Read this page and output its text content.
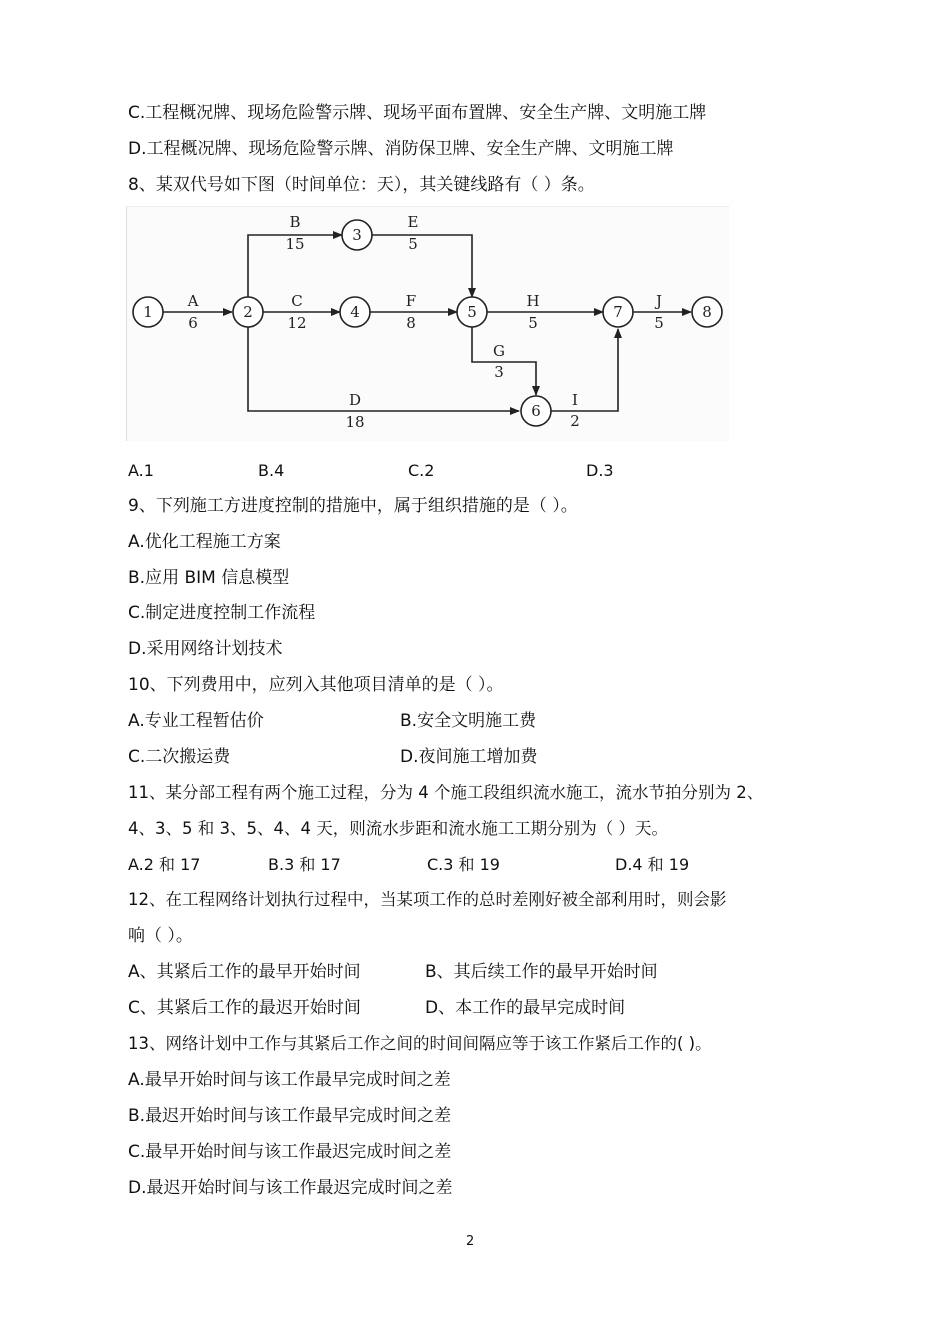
C.工程概况牌、现场危险警示牌、现场平面布置牌、安全生产牌、文明施工牌
D.工程概况牌、现场危险警示牌、消防保卫牌、安全生产牌、文明施工牌
8、某双代号如下图（时间单位：天），其关键线路有（ ）条。
1	2
3
4	5
6
7	8
A
6
B
15
C
12
D
18
E
5
F
8
G
3
H
5
I
2
J
5
A.1	B.4	C.2	D.3
9、下列施工方进度控制的措施中，属于组织措施的是（ ）。
A.优化工程施工方案
B.应用 BIM 信息模型
C.制定进度控制工作流程
D.采用网络计划技术
10、下列费用中，应列入其他项目清单的是（ ）。
A.专业工程暂估价	B.安全文明施工费
C.二次搬运费	D.夜间施工增加费
11、某分部工程有两个施工过程，分为 4 个施工段组织流水施工，流水节拍分别为 2、
4、3、5 和 3、5、4、4 天，则流水步距和流水施工工期分别为（ ）天。
A.2 和 17	B.3 和 17	C.3 和 19	D.4 和 19
12、在工程网络计划执行过程中，当某项工作的总时差刚好被全部利用时，则会影
响（ ）。
A、其紧后工作的最早开始时间	B、其后续工作的最早开始时间
C、其紧后工作的最迟开始时间	D、本工作的最早完成时间
13、网络计划中工作与其紧后工作之间的时间间隔应等于该工作紧后工作的( )。
A.最早开始时间与该工作最早完成时间之差
B.最迟开始时间与该工作最早完成时间之差
C.最早开始时间与该工作最迟完成时间之差
D.最迟开始时间与该工作最迟完成时间之差
2
